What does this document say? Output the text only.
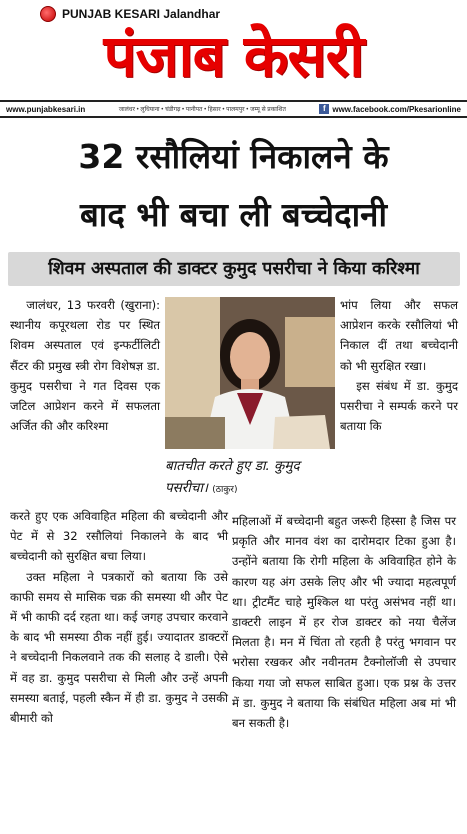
PUNJAB KESARI Jalandhar
पंजाब केसरी
www.punjabkesari.in	जालंधर • लुधियाना • चंडीगढ़ • पानीपत • हिसार • पालमपुर • जम्मू से प्रकाशित	f www.facebook.com/Pkesarionline
32 रसौलियां निकालने के
बाद भी बचा ली बच्चेदानी
शिवम अस्पताल की डाक्टर कुमुद पसरीचा ने किया करिश्मा

जालंधर, 13 फरवरी (खुराना): स्थानीय कपूरथला रोड पर स्थित शिवम अस्पताल एवं इन्फर्टीलिटी सैंटर की प्रमुख स्त्री रोग विशेषज्ञ डा. कुमुद पसरीचा ने गत दिवस एक जटिल आप्रेशन करने में सफलता अर्जित की और करिश्मा

बातचीत करते हुए डा. कुमुद पसरीचा। (ठाकुर)

भांप लिया और सफल आप्रेशन करके रसौलियां भी निकाल दीं तथा बच्चेदानी को भी सुरक्षित रखा।

इस संबंध में डा. कुमुद पसरीचा ने सम्पर्क करने पर बताया कि

करते हुए एक अविवाहित महिला की बच्चेदानी और पेट में से 32 रसौलियां निकालने के बाद भी बच्चेदानी को सुरक्षित बचा लिया।

उक्त महिला ने पत्रकारों को बताया कि उसे काफी समय से मासिक चक्र की समस्या थी और पेट में भी काफी दर्द रहता था। कई जगह उपचार करवाने के बाद भी समस्या ठीक नहीं हुई। ज्यादातर डाक्टरों ने बच्चेदानी निकलवाने तक की सलाह दे डाली। ऐसे में वह डा. कुमुद पसरीचा से मिली और उन्हें अपनी समस्या बताई, पहली स्कैन में ही डा. कुमुद ने उसकी बीमारी को

महिलाओं में बच्चेदानी बहुत जरूरी हिस्सा है जिस पर प्रकृति और मानव वंश का दारोमदार टिका हुआ है। उन्होंने बताया कि रोगी महिला के अविवाहित होने के कारण यह अंग उसके लिए और भी ज्यादा महत्वपूर्ण था। ट्रीटमैंट चाहे मुश्किल था परंतु असंभव नहीं था। डाक्टरी लाइन में हर रोज डाक्टर को नया चैलेंज मिलता है। मन में चिंता तो रहती है परंतु भगवान पर भरोसा रखकर और नवीनतम टैक्नोलॉजी से उपचार किया गया जो सफल साबित हुआ। एक प्रश्न के उत्तर में डा. कुमुद ने बताया कि संबंधित महिला अब मां भी बन सकती है।
